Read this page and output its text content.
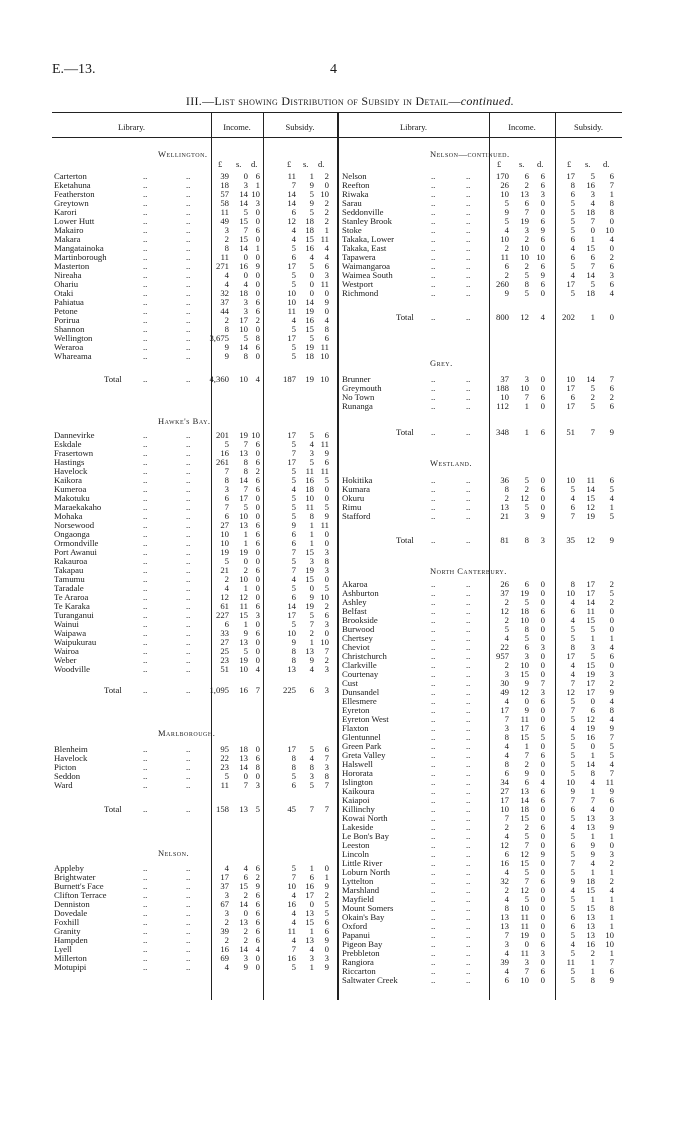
E.—13.	4
III.—List showing Distribution of Subsidy in Detail—continued.
Library.	Income.	Subsidy.	Library.	Income.	Subsidy.
£ s. d.	£ s. d.	£ s. d.	£ s. d.
Wellington.
Carterton	..	..	39	0 6	11	1	2
Eketahuna	..	..	18	3 1	7	9	0
Featherston	..	..	57	14 10	14	5 10
Greytown	..	..	58	14 3	14	9	2
Karori	..	..	11	5 0	6	5	2
Lower Hutt	..	..	49	15 0	12	18	2
Makairo	..	..	3	7 6	4	18	1
Makara	..	..	2	15 0	4	15 11
Mangatainoka	..	..	8	14 1	5	16	4
Martinborough	..	..	11	0 0	6	4	4
Masterton	..	..	271	16 9	17	5	6
Nireaha	..	..	4	0 0	5	0	3
Ohariu	..	..	4	4 0	5	0 11
Otaki	..	..	32	18 0	10	0	0
Pahiatua	..	..	37	3 6	10	14	9
Petone	..	..	44	3 6	11	19	0
Porirua	..	..	2	17 2	4	16	4
Shannon	..	..	8	10 0	5	15	8
Wellington	..	..	3,675	5 8	17	5	6
Weraroa	..	..	9	14 6	5	19 11
Whareama	..	..	9	8 0	5	18 10
Total ..	..	4,360	10 4	187	19 10
Hawke's Bay.
Dannevirke	..	..	201	19 10	17	5	6
Eskdale	..	..	5	7 6	5	4 11
Frasertown	..	..	16	13 0	7	3	9
Hastings	..	..	261	8 6	17	5	6
Havelock	..	..	7	8 2	5	11 11
Kaikora	..	..	8	14 6	5	16	5
Kumeroa	..	..	3	7 6	4	18	0
Makotuku	..	..	6	17 0	5	10	0
Maraekakaho	..	..	7	5 0	5	11	5
Mohaka	..	..	6	10 0	5	8	9
Norsewood	..	..	27	13 6	9	1 11
Ongaonga	..	..	10	1 6	6	1	0
Ormondville	..	..	10	1 6	6	1	0
Port Awanui	..	..	19	19 0	7	15	3
Rakauroa	..	..	5	0 0	5	3	8
Takapau	..	..	21	2 6	7	19	3
Tamumu	..	..	2	10 0	4	15	0
Taradale	..	..	4	1 0	5	0	5
Te Araroa	..	..	12	12 0	6	9 10
Te Karaka	..	..	61	11 6	14	19	2
Turanganui	..	..	227	15 3	17	5	6
Wainui	..	..	6	1 0	5	7	3
Waipawa	..	..	33	9 6	10	2	0
Waipukurau	..	..	27	13 0	9	1 10
Wairoa	..	..	25	5 0	8	13	7
Weber	..	..	23	19 0	8	9	2
Woodville	..	..	51	10 4	13	4	3
Total ..	..	1,095	16 7	225	6	3
Marlborough.
Blenheim	..	..	95	18 0	17	5	6
Havelock	..	..	22	13 6	8	4	7
Picton	..	..	23	14 8	8	8	3
Seddon	..	..	5	0 0	5	3	8
Ward	..	..	11	7 3	6	5	7
Total ..	..	158	13 5	45	7	7
Nelson.
Appleby	..	..	4	4 6	5	1	0
Brightwater	..	..	17	6 2	7	6	1
Burnett's Face	..	..	37	15 9	10	16	9
Clifton Terrace	..	..	3	2 6	4	17	2
Denniston	..	..	67	14 6	16	0	5
Dovedale	..	..	3	0 6	4	13	5
Foxhill	..	..	2	13 6	4	15	6
Granity	..	..	39	2 6	11	1	6
Hampden	..	..	2	2 6	4	13	9
Lyell	..	..	16	14 4	7	4	0
Millerton	..	..	69	3 0	16	3	3
Motupipi	..	..	4	9 0	5	1	9
Nelson—continued.
Nelson	..	..	170	6	6	17	5	6
Reefton	..	..	26	2	6	8	16	7
Riwaka	..	..	10	13	3	6	3	1
Sarau	..	..	5	6	0	5	4	8
Seddonville	..	..	9	7	0	5	18	8
Stanley Brook	..	..	5	19	6	5	7	0
Stoke	..	..	4	3	9	5	0	10
Takaka, Lower	..	..	10	2	6	6	1	4
Takaka, East	..	..	2	10	0	4	15	0
Tapawera	..	..	11	10 10	6	6	2
Waimangaroa	..	..	6	2	6	5	7	6
Waimea South	..	..	2	5	9	4	14	3
Westport	..	..	260	8	6	17	5	6
Richmond	..	..	9	5	0	5	18	4
Total ..	..	800	12	4	202	1	0
Grey.
Brunner	..	..	37	3	0	10	14	7
Greymouth	..	..	188	10	0	17	5	6
No Town	..	..	10	7	6	6	2	2
Runanga	..	..	112	1	0	17	5	6
Total ..	..	348	1	6	51	7	9
Westland.
Hokitika	..	..	36	5	0	10	11	6
Kumara	..	..	8	2	6	5	14	5
Okuru	..	..	2	12	0	4	15	4
Rimu	..	..	13	5	0	6	12	1
Stafford	..	..	21	3	9	7	19	5
Total ..	..	81	8	3	35	12	9
North Canterbury.
Akaroa	..	..	26	6	0	8	17	2
Ashburton	..	..	37	19	0	10	17	5
Ashley	..	..	2	5	0	4	14	2
Belfast	..	..	12	18	6	6	11	0
Brookside	..	..	2	10	0	4	15	0
Burwood	..	..	5	8	0	5	5	0
Chertsey	..	..	4	5	0	5	1	1
Cheviot	..	..	22	6	3	8	3	4
Christchurch	..	..	957	3	0	17	5	6
Clarkville	..	..	2	10	0	4	15	0
Courtenay	..	..	3	15	0	4	19	3
Cust	..	..	30	9	7	7	17	2
Dunsandel	..	..	49	12	3	12	17	9
Ellesmere	..	..	4	0	6	5	0	4
Eyreton	..	..	17	9	0	7	6	8
Eyreton West	..	..	7	11	0	5	12	4
Flaxton	..	..	3	17	6	4	19	9
Glentunnel	..	..	8	15	5	5	16	7
Green Park	..	..	4	1	0	5	0	5
Greta Valley	..	..	4	7	6	5	1	5
Halswell	..	..	8	2	0	5	14	4
Hororata	..	..	6	9	0	5	8	7
Islington	..	..	34	6	4	10	4	11
Kaikoura	..	..	27	13	6	9	1	9
Kaiapoi	..	..	17	14	6	7	7	6
Killinchy	..	..	10	18	0	6	4	0
Kowai North	..	..	7	15	0	5	13	3
Lakeside	..	..	2	2	6	4	13	9
Le Bon's Bay	..	..	4	5	0	5	1	1
Leeston	..	..	12	7	0	6	9	0
Lincoln	..	..	6	12	9	5	9	3
Little River	..	..	16	15	0	7	4	2
Loburn North	..	..	4	5	0	5	1	1
Lyttelton	..	..	32	7	6	9	18	2
Marshland	..	..	2	12	0	4	15	4
Mayfield	..	..	4	5	0	5	1	1
Mount Somers	..	..	8	10	0	5	15	8
Okain's Bay	..	..	13	11	0	6	13	1
Oxford	..	..	13	11	0	6	13	1
Papanui	..	..	7	19	0	5	13	10
Pigeon Bay	..	..	3	0	6	4	16	10
Prebbleton	..	..	4	11	3	5	2	1
Rangiora	..	..	39	3	0	11	1	7
Riccarton	..	..	4	7	6	5	1	6
Saltwater Creek	..	..	6	10	0	5	8	9
